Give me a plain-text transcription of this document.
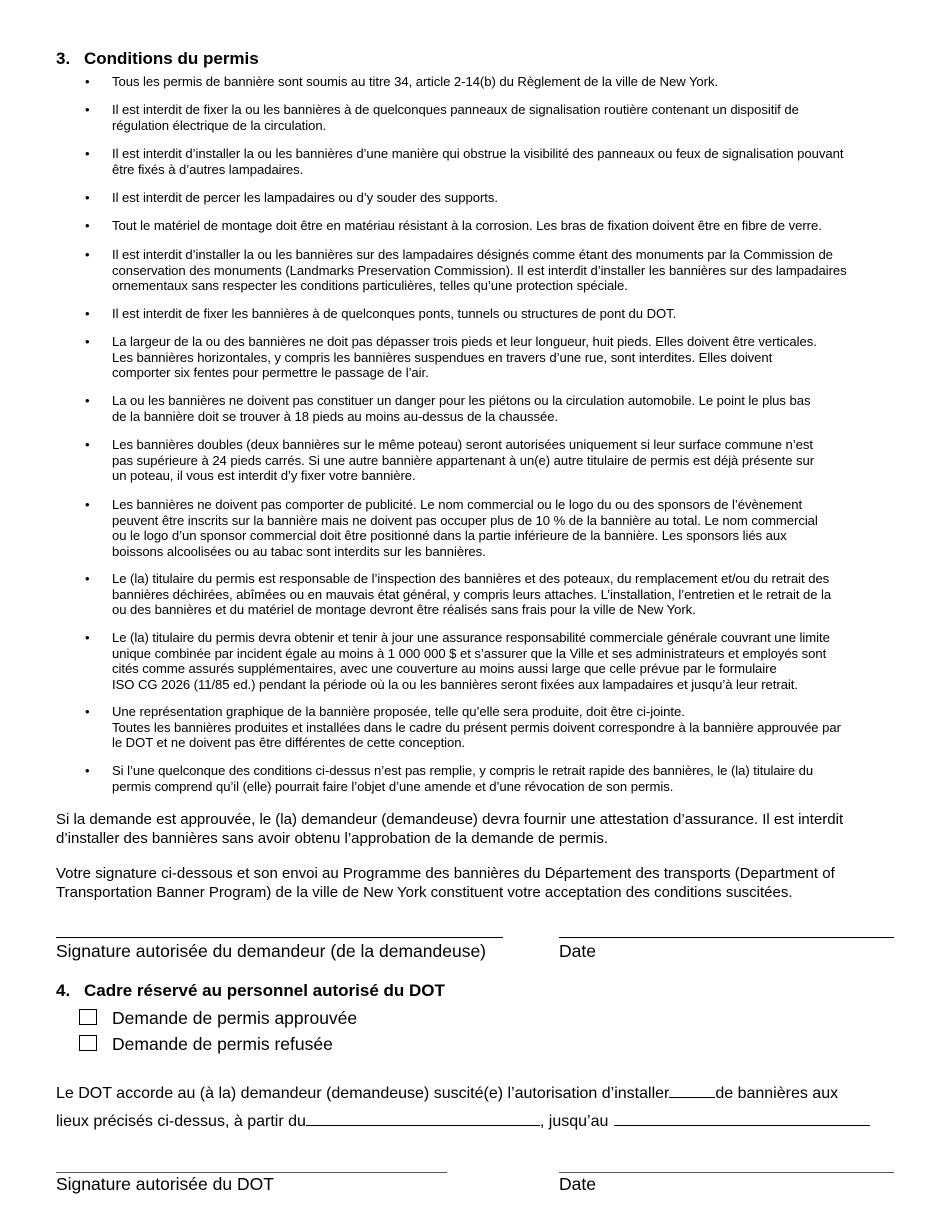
3. Conditions du permis
• Tous les permis de bannière sont soumis au titre 34, article 2-14(b) du Règlement de la ville de New York.
• Il est interdit de fixer la ou les bannières à de quelconques panneaux de signalisation routière contenant un dispositif de
régulation électrique de la circulation.
• Il est interdit d’installer la ou les bannières d’une manière qui obstrue la visibilité des panneaux ou feux de signalisation pouvant
être fixés à d’autres lampadaires.
• Il est interdit de percer les lampadaires ou d’y souder des supports.
• Tout le matériel de montage doit être en matériau résistant à la corrosion. Les bras de fixation doivent être en fibre de verre.
• Il est interdit d’installer la ou les bannières sur des lampadaires désignés comme étant des monuments par la Commission de
conservation des monuments (Landmarks Preservation Commission). Il est interdit d’installer les bannières sur des lampadaires
ornementaux sans respecter les conditions particulières, telles qu’une protection spéciale.
• Il est interdit de fixer les bannières à de quelconques ponts, tunnels ou structures de pont du DOT.
• La largeur de la ou des bannières ne doit pas dépasser trois pieds et leur longueur, huit pieds. Elles doivent être verticales.
Les bannières horizontales, y compris les bannières suspendues en travers d’une rue, sont interdites. Elles doivent
comporter six fentes pour permettre le passage de l’air.
• La ou les bannières ne doivent pas constituer un danger pour les piétons ou la circulation automobile. Le point le plus bas
de la bannière doit se trouver à 18 pieds au moins au-dessus de la chaussée.
• Les bannières doubles (deux bannières sur le même poteau) seront autorisées uniquement si leur surface commune n’est
pas supérieure à 24 pieds carrés. Si une autre bannière appartenant à un(e) autre titulaire de permis est déjà présente sur
un poteau, il vous est interdit d’y fixer votre bannière.
• Les bannières ne doivent pas comporter de publicité. Le nom commercial ou le logo du ou des sponsors de l’évènement
peuvent être inscrits sur la bannière mais ne doivent pas occuper plus de 10 % de la bannière au total. Le nom commercial
ou le logo d’un sponsor commercial doit être positionné dans la partie inférieure de la bannière. Les sponsors liés aux
boissons alcoolisées ou au tabac sont interdits sur les bannières.
• Le (la) titulaire du permis est responsable de l’inspection des bannières et des poteaux, du remplacement et/ou du retrait des
bannières déchirées, abîmées ou en mauvais état général, y compris leurs attaches. L’installation, l’entretien et le retrait de la
ou des bannières et du matériel de montage devront être réalisés sans frais pour la ville de New York.
• Le (la) titulaire du permis devra obtenir et tenir à jour une assurance responsabilité commerciale générale couvrant une limite
unique combinée par incident égale au moins à 1 000 000 $ et s’assurer que la Ville et ses administrateurs et employés sont
cités comme assurés supplémentaires, avec une couverture au moins aussi large que celle prévue par le formulaire
ISO CG 2026 (11/85 ed.) pendant la période où la ou les bannières seront fixées aux lampadaires et jusqu’à leur retrait.
• Une représentation graphique de la bannière proposée, telle qu’elle sera produite, doit être ci-jointe.
Toutes les bannières produites et installées dans le cadre du présent permis doivent correspondre à la bannière approuvée par
le DOT et ne doivent pas être différentes de cette conception.
• Si l’une quelconque des conditions ci-dessus n’est pas remplie, y compris le retrait rapide des bannières, le (la) titulaire du
permis comprend qu’il (elle) pourrait faire l’objet d’une amende et d’une révocation de son permis.
Si la demande est approuvée, le (la) demandeur (demandeuse) devra fournir une attestation d’assurance. Il est interdit
d’installer des bannières sans avoir obtenu l’approbation de la demande de permis.
Votre signature ci-dessous et son envoi au Programme des bannières du Département des transports (Department of
Transportation Banner Program) de la ville de New York constituent votre acceptation des conditions suscitées.
Signature autorisée du demandeur (de la demandeuse)	Date
4. Cadre réservé au personnel autorisé du DOT
Demande de permis approuvée
Demande de permis refusée
Le DOT accorde au (à la) demandeur (demandeuse) suscité(e) l’autorisation d’installer	de bannières aux
lieux précisés ci-dessus, à partir du	, jusqu’au
Signature autorisée du DOT	Date
